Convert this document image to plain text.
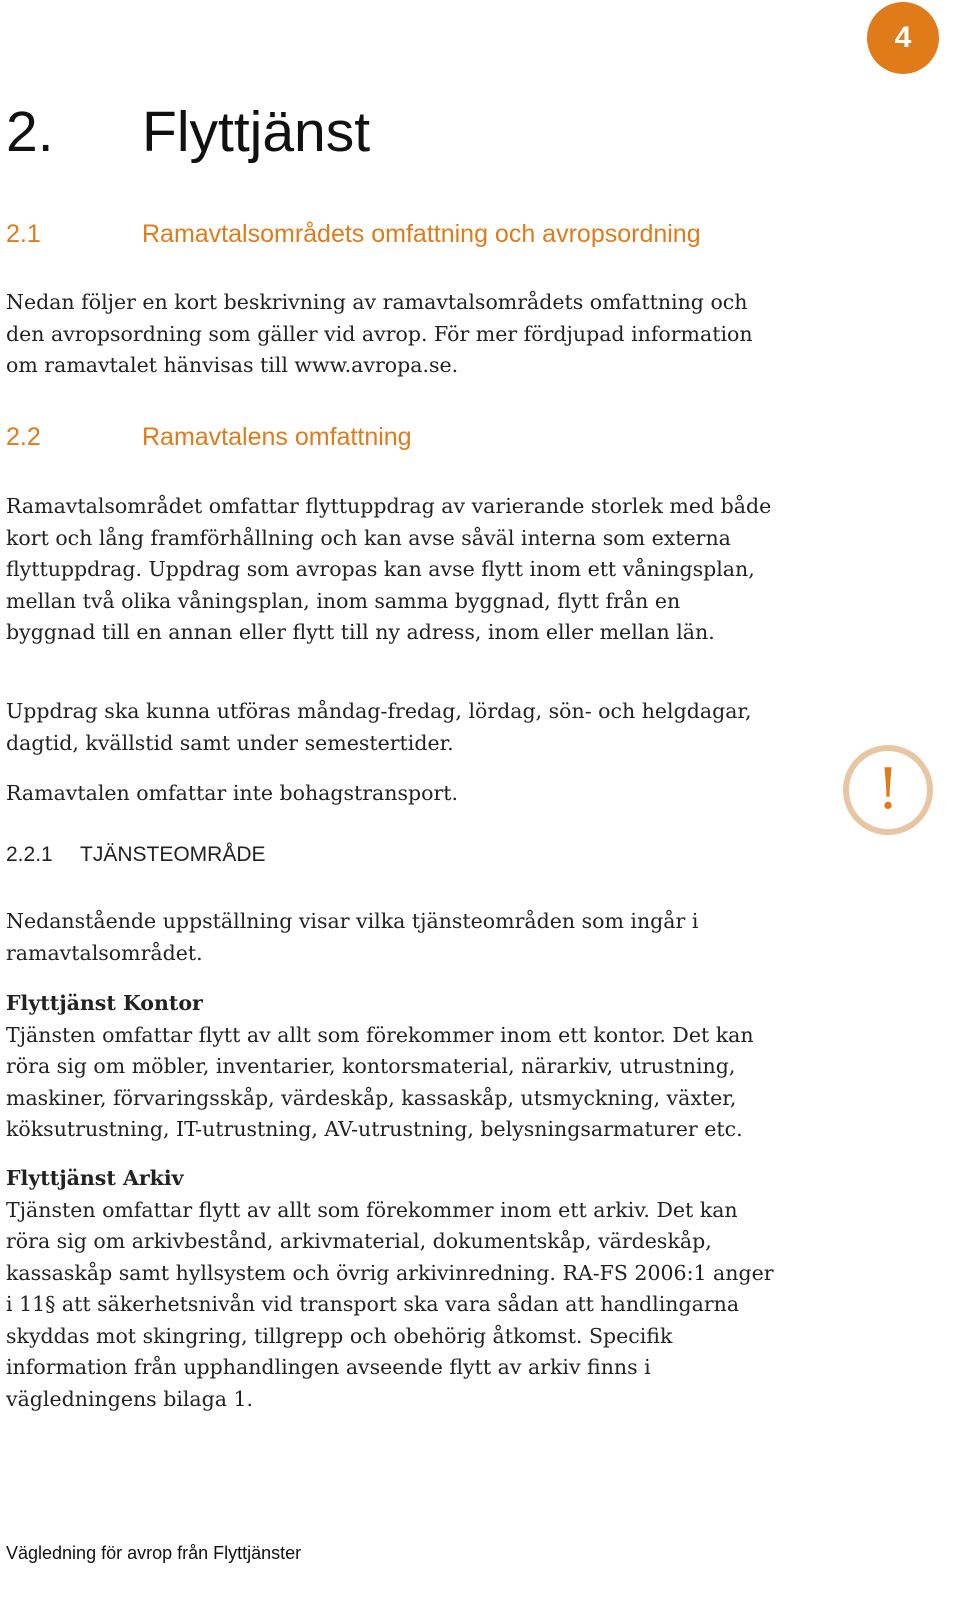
4
2. Flyttjänst
2.1	Ramavtalsområdets omfattning och avropsordning

Nedan följer en kort beskrivning av ramavtalsområdets omfattning och den avropsordning som gäller vid avrop. För mer fördjupad information om ramavtalet hänvisas till www.avropa.se.

2.2	Ramavtalens omfattning

Ramavtalsområdet omfattar flyttuppdrag av varierande storlek med både kort och lång framförhållning och kan avse såväl interna som externa flyttuppdrag. Uppdrag som avropas kan avse flytt inom ett våningsplan, mellan två olika våningsplan, inom samma byggnad, flytt från en byggnad till en annan eller flytt till ny adress, inom eller mellan län.

Uppdrag ska kunna utföras måndag-fredag, lördag, sön- och helgdagar, dagtid, kvällstid samt under semestertider.

Ramavtalen omfattar inte bohagstransport.	!
2.2.1 TJÄNSTEOMRÅDE

Nedanstående uppställning visar vilka tjänsteområden som ingår i ramavtalsområdet.

Flyttjänst Kontor
Tjänsten omfattar flytt av allt som förekommer inom ett kontor. Det kan röra sig om möbler, inventarier, kontorsmaterial, närarkiv, utrustning, maskiner, förvaringsskåp, värdeskåp, kassaskåp, utsmyckning, växter, köksutrustning, IT-utrustning, AV-utrustning, belysningsarmaturer etc.
Flyttjänst Arkiv
Tjänsten omfattar flytt av allt som förekommer inom ett arkiv. Det kan röra sig om arkivbestånd, arkivmaterial, dokumentskåp, värdeskåp, kassaskåp samt hyllsystem och övrig arkivinredning. RA-FS 2006:1 anger i 11§ att säkerhetsnivån vid transport ska vara sådan att handlingarna skyddas mot skingring, tillgrepp och obehörig åtkomst. Specifik information från upphandlingen avseende flytt av arkiv finns i vägledningens bilaga 1.
Vägledning för avrop från Flyttjänster
